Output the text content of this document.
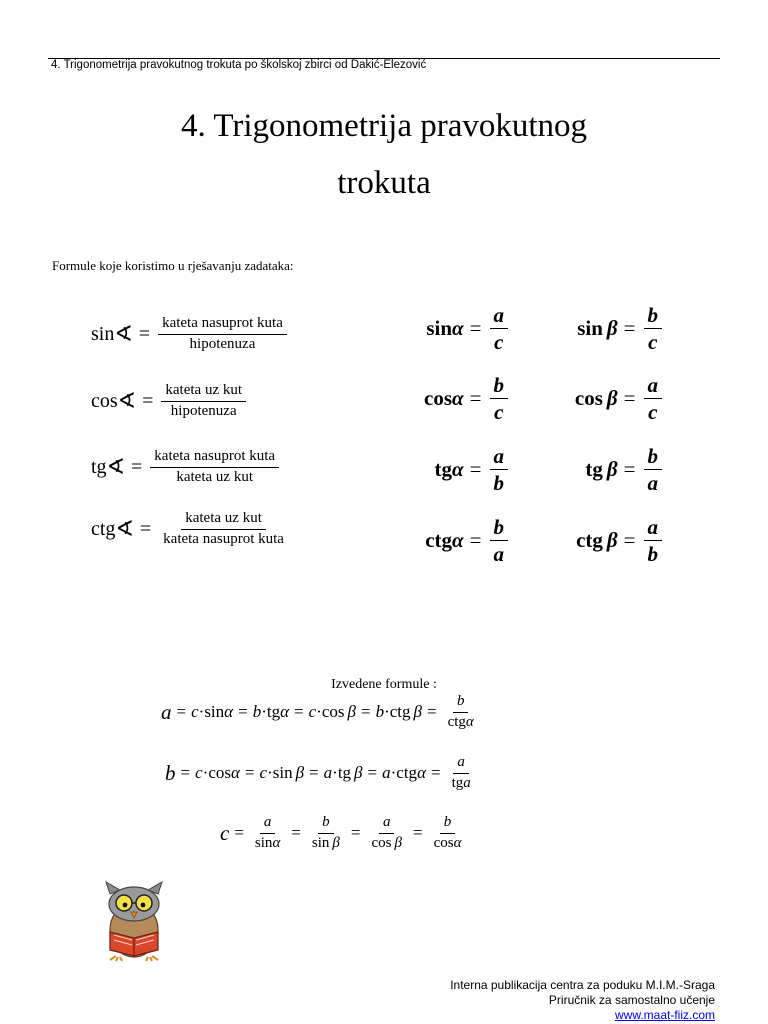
4. Trigonometrija pravokutnog trokuta po školskoj zbirci od Dakić-Elezović
4. Trigonometrija pravokutnog
trokuta
Formule koje koristimo u rješavanju zadataka:
sin ∢ = $\frac{\text{kateta nasuprot kuta}}{\text{hipotenuza}}$
cos ∢ = $\frac{\text{kateta uz kut}}{\text{hipotenuza}}$
tg ∢ = $\frac{\text{kateta nasuprot kuta}}{\text{kateta uz kut}}$
ctg ∢ = $\frac{\text{kateta uz kut}}{\text{kateta nasuprot kuta}}$
$\sin \alpha = \frac{a}{c}$
$\cos \alpha = \frac{b}{c}$
tg $\alpha = \frac{a}{b}$
ctg $\alpha = \frac{b}{a}$
$\sin \beta = \frac{b}{c}$
$\cos \beta = \frac{a}{c}$
tg $\beta = \frac{b}{a}$
ctg $\beta = \frac{a}{b}$
Izvedene formule :
a = c · sin α = b · tg α = c · cos β = b · ctg $\beta = \frac{b}{\text{ctgα}}$
b = c · cos α = c · sin β = a · tg β = a · ctg $\alpha = \frac{a}{\text{tga}}$
$c = \frac{a}{\sin\alpha} = \frac{b}{\text{sin β}} = \frac{a}{\text{cos β}} = \frac{b}{\cos\alpha}$
Interna publikacija centra za poduku M.I.M.-Sraga
Priručnik za samostalno učenje
www.maat-fiiz.com
